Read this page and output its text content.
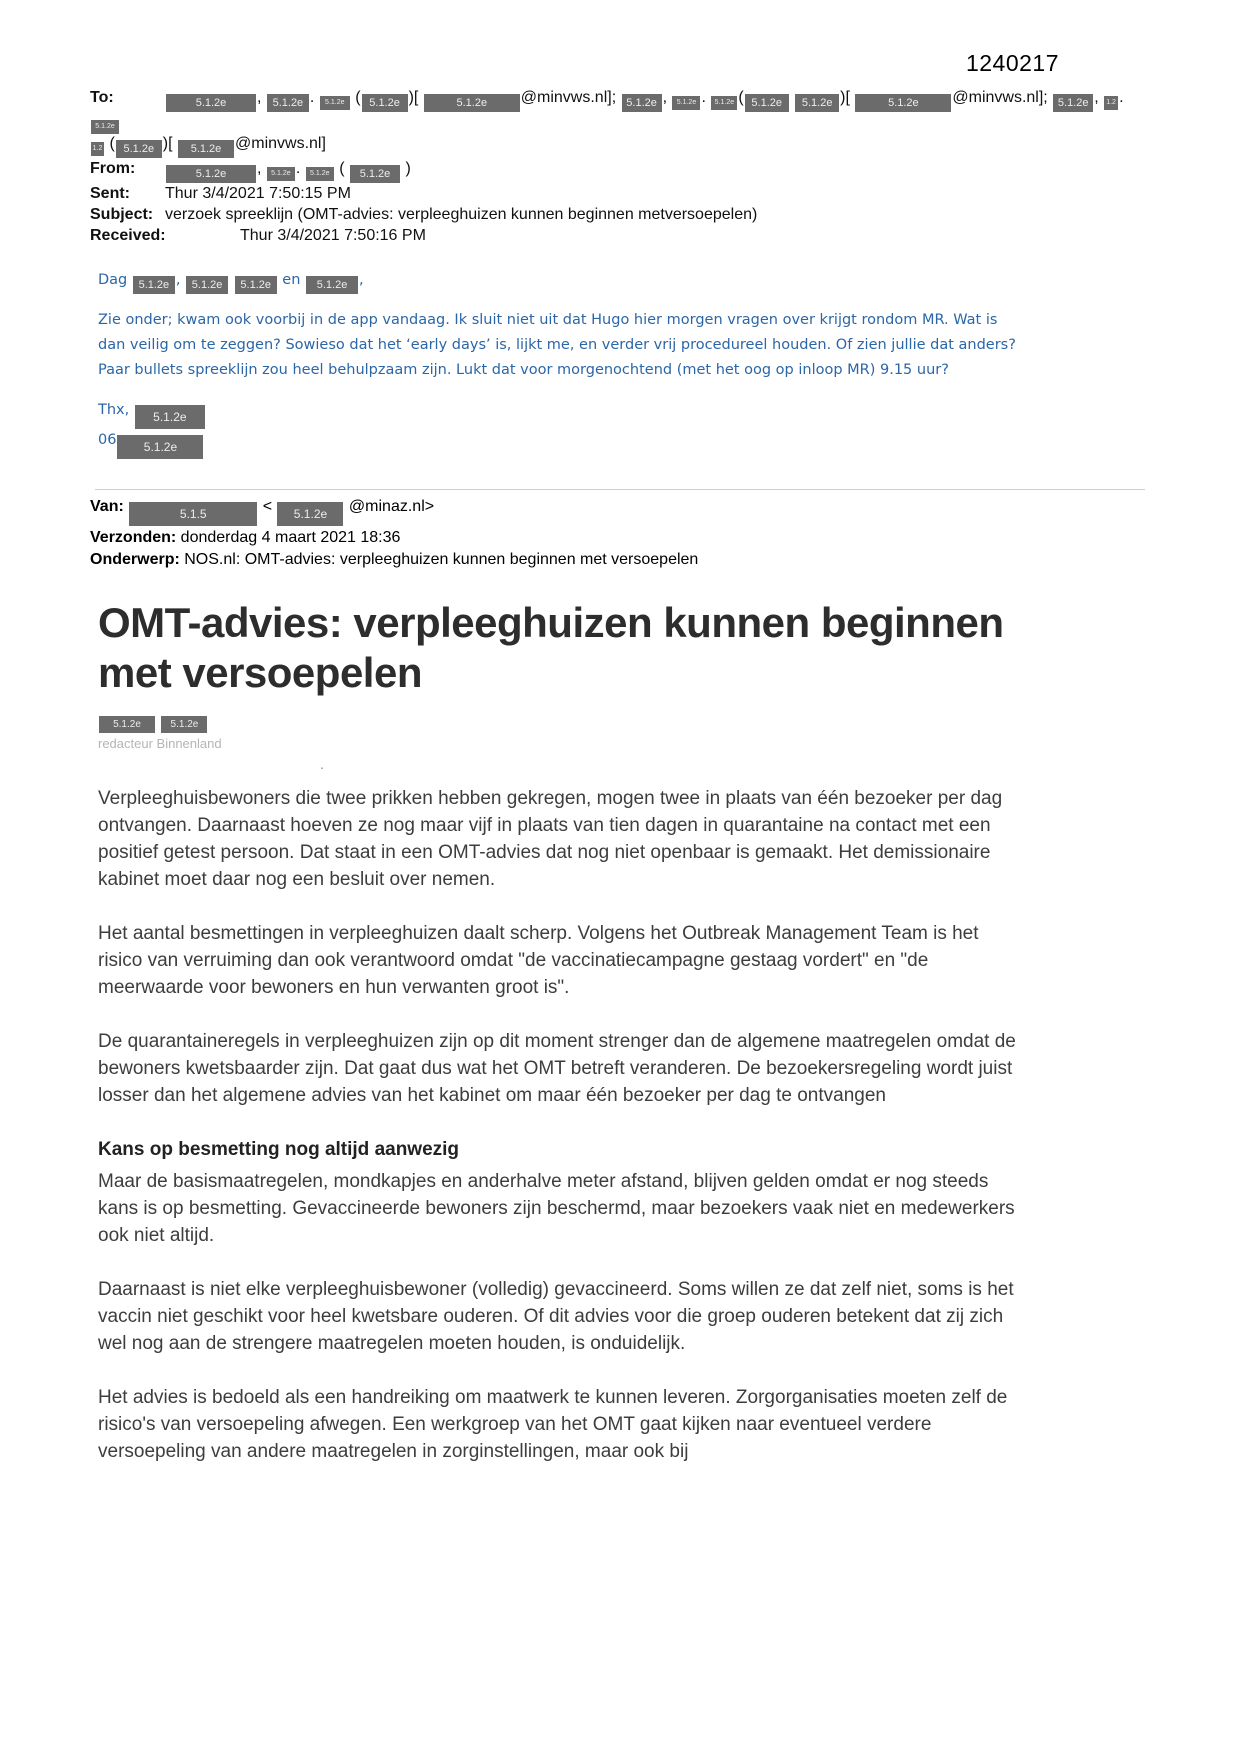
1240217
To:	5.1.2e , 5.1.2e . 5.1.2e ( 5.1.2e )[	5.1.2e @minvws.nl]; 5.1.2e , 5.1.2e . 5.1.2e ( 5.1.2e 5.1.2e )[	5.1.2e @minvws.nl]; 5.1.2e , 1.2 . 5.1.2e
1.2 ( 5.1.2e )[ 5.1.2e @minvws.nl]
From:	5.1.2e , 5.1.2e . 5.1.2e ( 5.1.2e )
Sent: Thur 3/4/2021 7:50:15 PM
Subject: verzoek spreeklijn (OMT-advies: verpleeghuizen kunnen beginnen metversoepelen)
Received:	Thur 3/4/2021 7:50:16 PM

Dag 5.1.2e , 5.1.2e 5.1.2e en 5.1.2e ,

Zie onder; kwam ook voorbij in de app vandaag. Ik sluit niet uit dat Hugo hier morgen vragen over krijgt rondom MR. Wat is dan veilig om te zeggen? Sowieso dat het ‘early days’ is, lijkt me, en verder vrij procedureel houden. Of zien jullie dat anders? Paar bullets spreeklijn zou heel behulpzaam zijn. Lukt dat voor morgenochtend (met het oog op inloop MR) 9.15 uur?

Thx, 5.1.2e

06 5.1.2e

Van:	5.1.5	< 5.1.2e @minaz.nl>
Verzonden: donderdag 4 maart 2021 18:36
Onderwerp: NOS.nl: OMT-advies: verpleeghuizen kunnen beginnen met versoepelen
OMT-advies: verpleeghuizen kunnen beginnen met versoepelen
5.1.2e	5.1.2e
redacteur Binnenland
.

Verpleeghuisbewoners die twee prikken hebben gekregen, mogen twee in plaats van één bezoeker per dag ontvangen. Daarnaast hoeven ze nog maar vijf in plaats van tien dagen in quarantaine na contact met een positief getest persoon. Dat staat in een OMT-advies dat nog niet openbaar is gemaakt. Het demissionaire kabinet moet daar nog een besluit over nemen.

Het aantal besmettingen in verpleeghuizen daalt scherp. Volgens het Outbreak Management Team is het risico van verruiming dan ook verantwoord omdat "de vaccinatiecampagne gestaag vordert" en "de meerwaarde voor bewoners en hun verwanten groot is".

De quarantaineregels in verpleeghuizen zijn op dit moment strenger dan de algemene maatregelen omdat de bewoners kwetsbaarder zijn. Dat gaat dus wat het OMT betreft veranderen. De bezoekersregeling wordt juist losser dan het algemene advies van het kabinet om maar één bezoeker per dag te ontvangen

Kans op besmetting nog altijd aanwezig

Maar de basismaatregelen, mondkapjes en anderhalve meter afstand, blijven gelden omdat er nog steeds kans is op besmetting. Gevaccineerde bewoners zijn beschermd, maar bezoekers vaak niet en medewerkers ook niet altijd.

Daarnaast is niet elke verpleeghuisbewoner (volledig) gevaccineerd. Soms willen ze dat zelf niet, soms is het vaccin niet geschikt voor heel kwetsbare ouderen. Of dit advies voor die groep ouderen betekent dat zij zich wel nog aan de strengere maatregelen moeten houden, is onduidelijk.

Het advies is bedoeld als een handreiking om maatwerk te kunnen leveren. Zorgorganisaties moeten zelf de risico's van versoepeling afwegen. Een werkgroep van het OMT gaat kijken naar eventueel verdere versoepeling van andere maatregelen in zorginstellingen, maar ook bij
